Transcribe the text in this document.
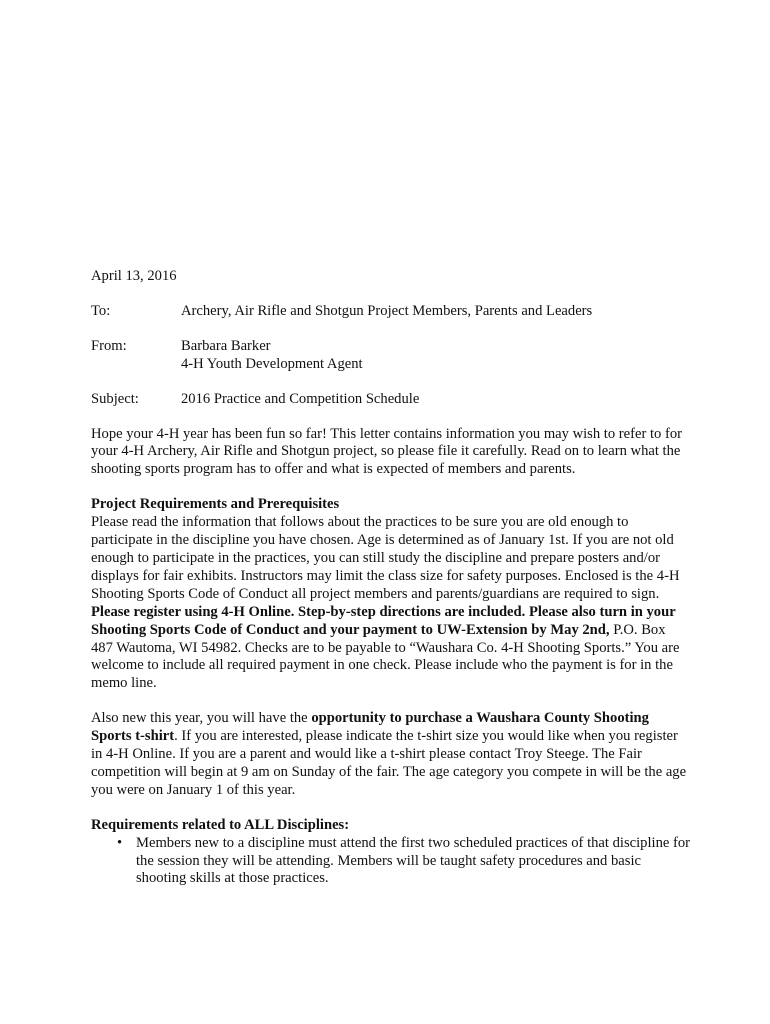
April 13, 2016

To:	Archery, Air Rifle and Shotgun Project Members, Parents and Leaders
From:	Barbara Barker
4-H Youth Development Agent
Subject:	2016 Practice and Competition Schedule

Hope your 4-H year has been fun so far! This letter contains information you may wish to refer to for your 4-H Archery, Air Rifle and Shotgun project, so please file it carefully. Read on to learn what the shooting sports program has to offer and what is expected of members and parents.

Project Requirements and Prerequisites

Please read the information that follows about the practices to be sure you are old enough to participate in the discipline you have chosen. Age is determined as of January 1st. If you are not old enough to participate in the practices, you can still study the discipline and prepare posters and/or displays for fair exhibits. Instructors may limit the class size for safety purposes. Enclosed is the 4-H Shooting Sports Code of Conduct all project members and parents/guardians are required to sign. Please register using 4-H Online. Step-by-step directions are included. Please also turn in your Shooting Sports Code of Conduct and your payment to UW-Extension by May 2nd, P.O. Box 487 Wautoma, WI 54982. Checks are to be payable to “Waushara Co. 4-H Shooting Sports.” You are welcome to include all required payment in one check. Please include who the payment is for in the memo line.

Also new this year, you will have the opportunity to purchase a Waushara County Shooting Sports t-shirt. If you are interested, please indicate the t-shirt size you would like when you register in 4-H Online. If you are a parent and would like a t-shirt please contact Troy Steege. The Fair competition will begin at 9 am on Sunday of the fair. The age category you compete in will be the age you were on January 1 of this year.

Requirements related to ALL Disciplines:

• Members new to a discipline must attend the first two scheduled practices of that discipline for the session they will be attending. Members will be taught safety procedures and basic shooting skills at those practices.
